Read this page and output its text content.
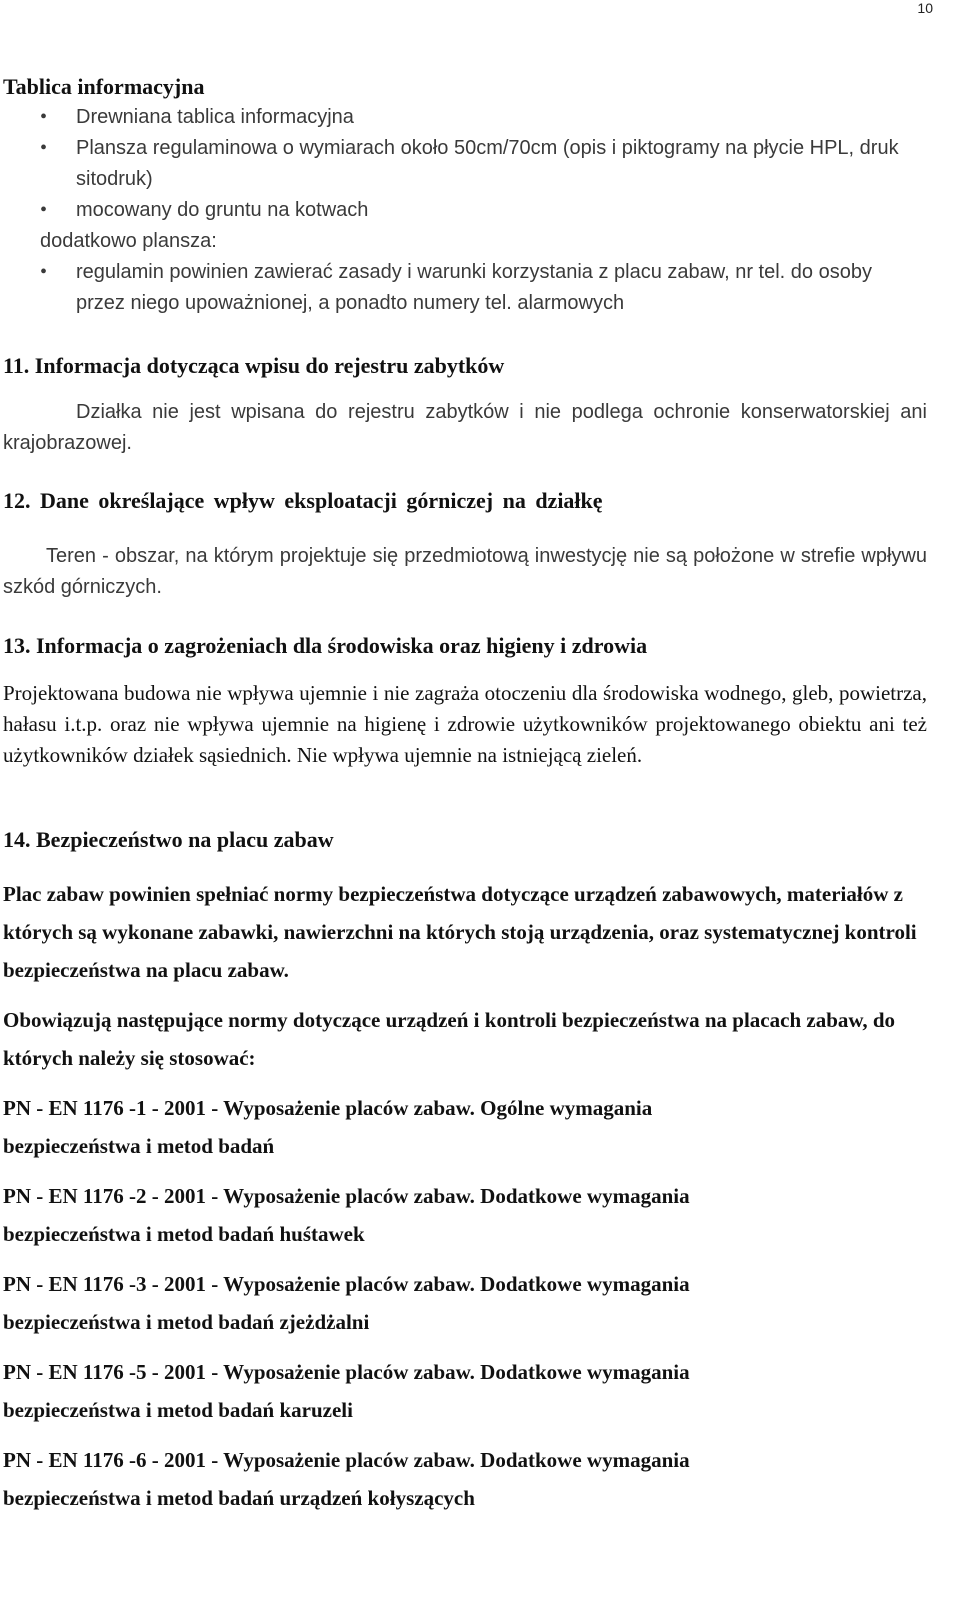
10
Tablica informacyjna
• Drewniana tablica informacyjna
• Plansza regulaminowa o wymiarach około 50cm/70cm (opis i piktogramy na płycie HPL, druk sitodruk)
• mocowany do gruntu na kotwach
dodatkowo plansza:
• regulamin powinien zawierać zasady i warunki korzystania z placu zabaw, nr tel. do osoby przez niego upoważnionej, a ponadto numery tel. alarmowych
11. Informacja dotycząca wpisu do rejestru zabytków
Działka nie jest wpisana do rejestru zabytków i nie podlega ochronie konserwatorskiej ani krajobrazowej.
12. Dane określające wpływ eksploatacji górniczej na działkę
Teren - obszar, na którym projektuje się przedmiotową inwestycję nie są położone w strefie wpływu szkód górniczych.
13. Informacja o zagrożeniach dla środowiska oraz higieny i zdrowia
Projektowana budowa nie wpływa ujemnie i nie zagraża otoczeniu dla środowiska wodnego, gleb, powietrza, hałasu i.t.p. oraz nie wpływa ujemnie na higienę i zdrowie użytkowników projektowanego obiektu ani też użytkowników działek sąsiednich. Nie wpływa ujemnie na istniejącą zieleń.
14. Bezpieczeństwo na placu zabaw

Plac zabaw powinien spełniać normy bezpieczeństwa dotyczące urządzeń zabawowych, materiałów z których są wykonane zabawki, nawierzchni na których stoją urządzenia, oraz systematycznej kontroli bezpieczeństwa na placu zabaw.

Obowiązują następujące normy dotyczące urządzeń i kontroli bezpieczeństwa na placach zabaw, do których należy się stosować:

PN - EN 1176 -1 - 2001 - Wyposażenie placów zabaw. Ogólne wymagania

bezpieczeństwa i metod badań

PN - EN 1176 -2 - 2001 - Wyposażenie placów zabaw. Dodatkowe wymagania

bezpieczeństwa i metod badań huśtawek

PN - EN 1176 -3 - 2001 - Wyposażenie placów zabaw. Dodatkowe wymagania

bezpieczeństwa i metod badań zjeżdżalni

PN - EN 1176 -5 - 2001 - Wyposażenie placów zabaw. Dodatkowe wymagania

bezpieczeństwa i metod badań karuzeli

PN - EN 1176 -6 - 2001 - Wyposażenie placów zabaw. Dodatkowe wymagania

bezpieczeństwa i metod badań urządzeń kołyszących
